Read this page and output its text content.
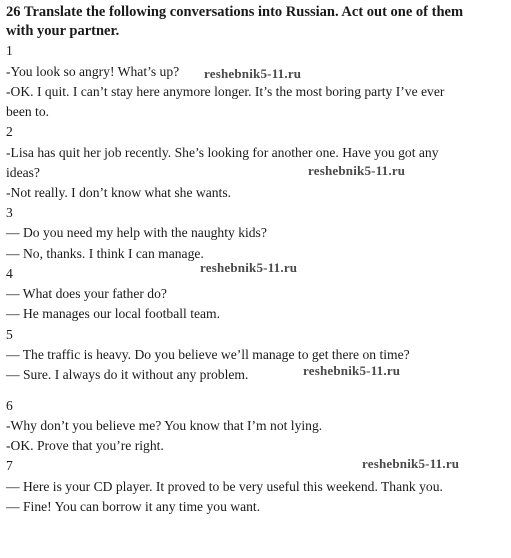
26 Translate the following conversations into Russian. Act out one of them
with your partner.
1
-You look so angry! What’s up?
-OK. I quit. I can’t stay here anymore longer. It’s the most boring party I’ve ever
been to.
2
-Lisa has quit her job recently. She’s looking for another one. Have you got any
ideas?
-Not really. I don’t know what she wants.
3
— Do you need my help with the naughty kids?
— No, thanks. I think I can manage.
4
— What does your father do?
— He manages our local football team.
5
— The traffic is heavy. Do you believe we’ll manage to get there on time?
— Sure. I always do it without any problem.
6
-Why don’t you believe me? You know that I’m not lying.
-OK. Prove that you’re right.
7
— Here is your CD player. It proved to be very useful this weekend. Thank you.
— Fine! You can borrow it any time you want.
reshebnik5-11.ru
reshebnik5-11.ru
reshebnik5-11.ru
reshebnik5-11.ru
reshebnik5-11.ru
